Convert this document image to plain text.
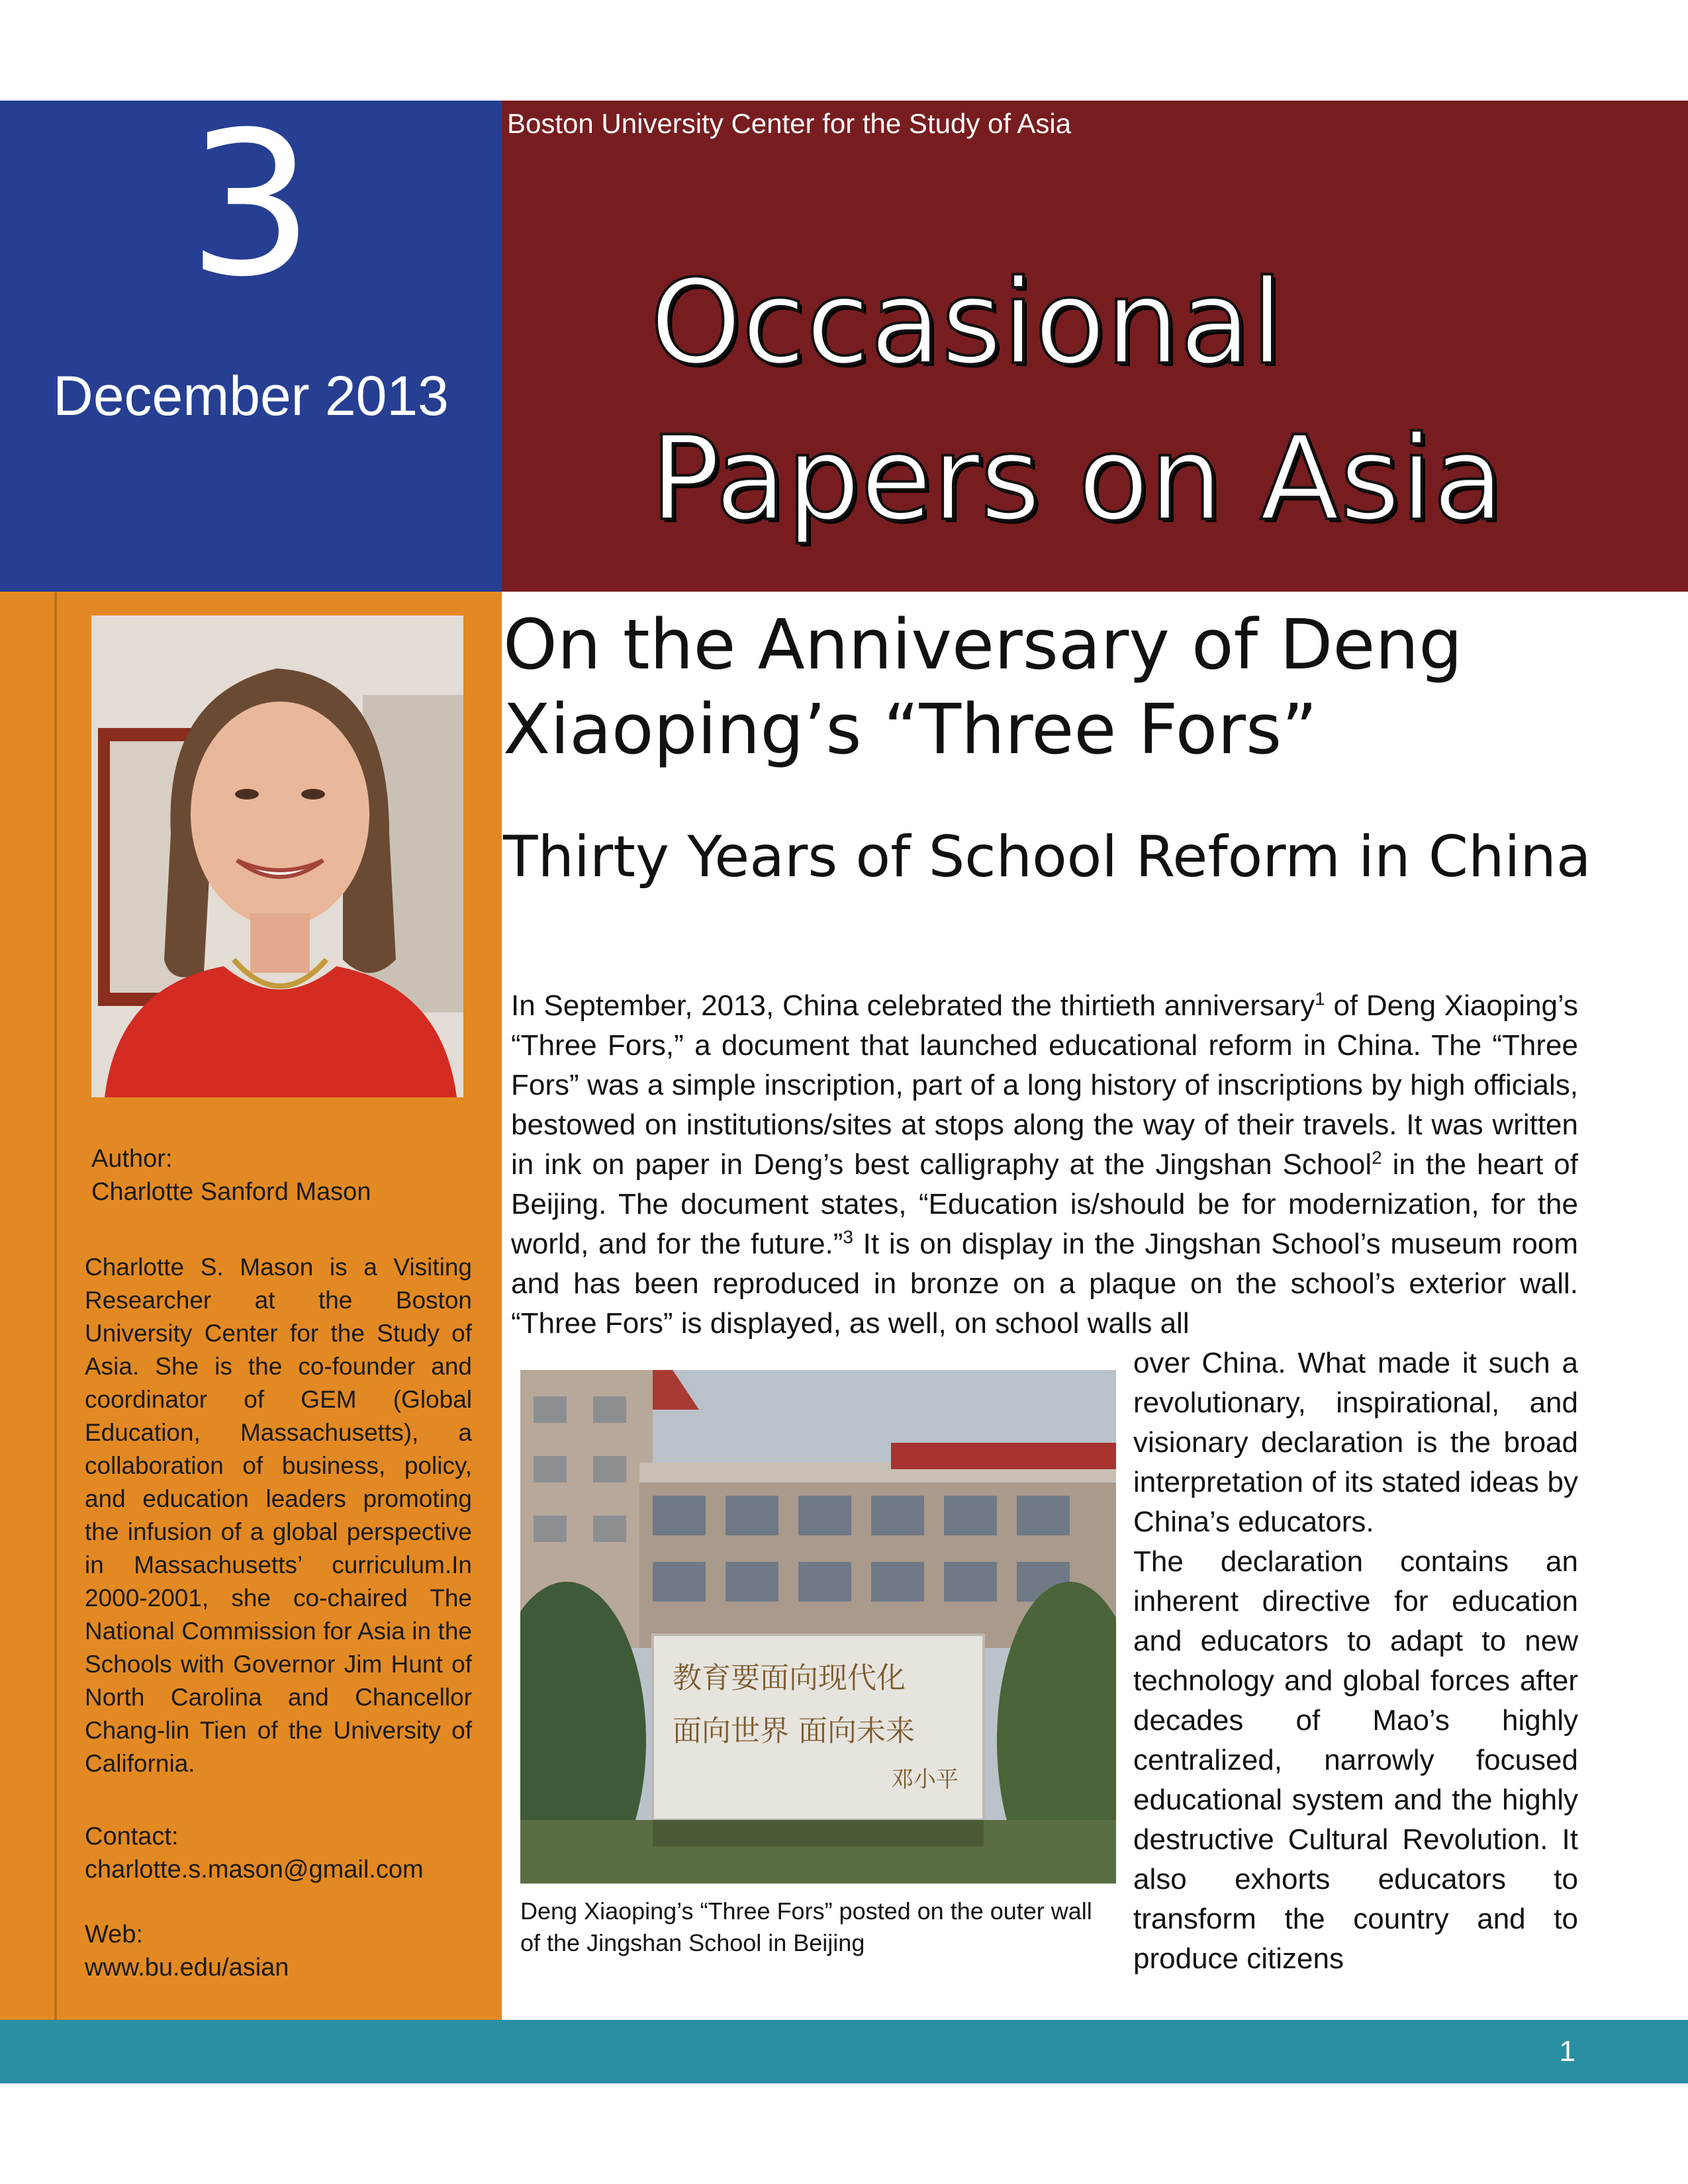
3
December 2013
Boston University Center for the Study of Asia
Occasional Papers on Asia
Author:
Charlotte Sanford Mason

Charlotte S. Mason is a Visiting Researcher at the Boston University Center for the Study of Asia. She is the co-founder and coordinator of GEM (Global Education, Massachusetts), a collaboration of business, policy, and education leaders promoting the infusion of a global perspective in Massachusetts’ curriculum.In 2000-2001, she co-chaired The National Commission for Asia in the Schools with Governor Jim Hunt of North Carolina and Chancellor Chang-lin Tien of the University of California.

Contact:
charlotte.s.mason@gmail.com
Web:
www.bu.edu/asian
On the Anniversary of Deng Xiaoping’s “Three Fors”
Thirty Years of School Reform in China

In September, 2013, China celebrated the thirtieth anniversary$^1$ of Deng Xiaoping’s “Three Fors,” a document that launched educational reform in China. The “Three Fors” was a simple inscription, part of a long history of inscriptions by high officials, bestowed on institutions/sites at stops along the way of their travels. It was written in ink on paper in Deng’s best calligraphy at the Jingshan School$^2$ in the heart of Beijing. The document states, “Education is/should be for modernization, for the world, and for the future.”$^3$ It is on display in the Jingshan School’s museum room and has been reproduced in bronze on a plaque on the school’s exterior wall. “Three Fors” is displayed, as well, on school walls all

over China. What made it such a revolutionary, inspirational, and visionary declaration is the broad interpretation of its stated ideas by China’s educators.

The declaration contains an inherent directive for education and educators to adapt to new technology and global forces after decades of Mao’s highly centralized, narrowly focused educational system and the highly destructive Cultural Revolution. It also exhorts educators to transform the country and to produce citizens

教育要面向现代化
面向世界 面向未来
邓小平

Deng Xiaoping’s “Three Fors” posted on the outer wall of the Jingshan School in Beijing

1
